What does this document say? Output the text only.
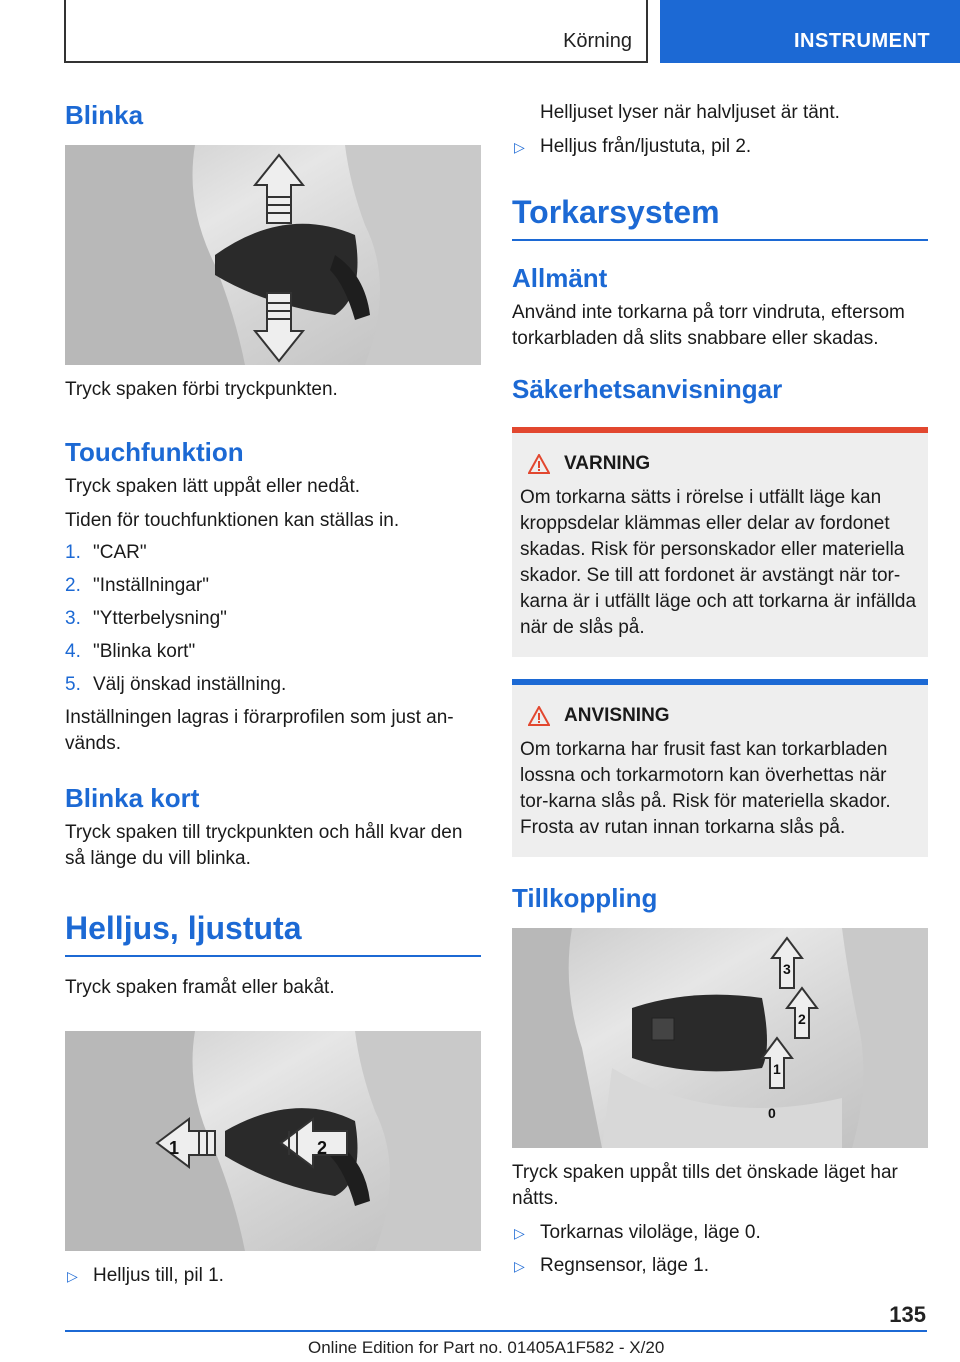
Körning	INSTRUMENT
Blinka

Tryck spaken förbi tryckpunkten.

Touchfunktion

Tryck spaken lätt uppåt eller nedåt.

Tiden för touchfunktionen kan ställas in.

1. "CAR"
2. "Inställningar"
3. "Ytterbelysning"
4. "Blinka kort"
5. Välj önskad inställning.

Inställningen lagras i förarprofilen som just an-vänds.

Blinka kort

Tryck spaken till tryckpunkten och håll kvar den så länge du vill blinka.

Helljus, ljustuta

Tryck spaken framåt eller bakåt.

1	2
▷ Helljus till, pil 1.

Helljuset lyser när halvljuset är tänt.

▷ Helljus från/ljustuta, pil 2.
Torkarsystem
Allmänt

Använd inte torkarna på torr vindruta, eftersom torkarbladen då slits snabbare eller skadas.

Säkerhetsanvisningar
VARNING

Om torkarna sätts i rörelse i utfällt läge kan kroppsdelar klämmas eller delar av fordonet skadas. Risk för personskador eller materiella skador. Se till att fordonet är avstängt när tor-karna är i utfällt läge och att torkarna är infällda när de slås på.

ANVISNING

Om torkarna har frusit fast kan torkarbladen lossna och torkarmotorn kan överhettas när tor-karna slås på. Risk för materiella skador. Frosta av rutan innan torkarna slås på.

Tillkoppling
0
1
2
3

Tryck spaken uppåt tills det önskade läget har nåtts.

▷ Torkarnas viloläge, läge 0.
▷ Regnsensor, läge 1.
135
Online Edition for Part no. 01405A1F582 - X/20
